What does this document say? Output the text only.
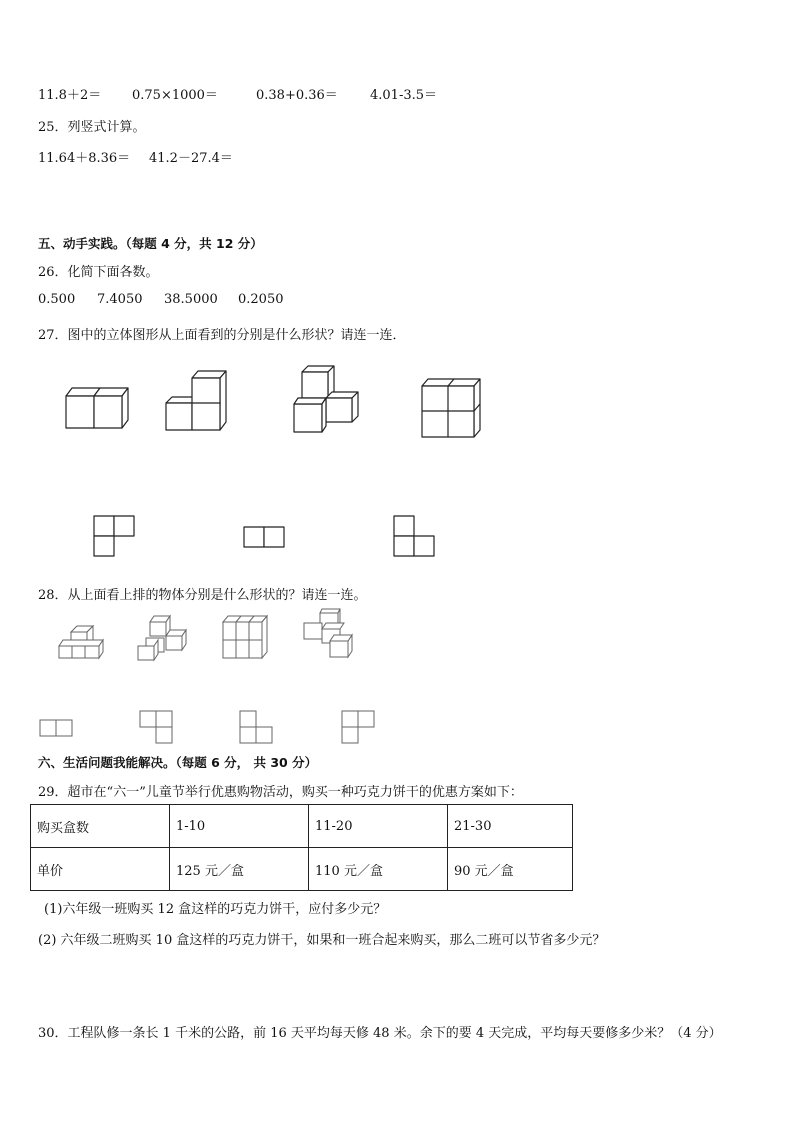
11.8＋2＝ 0.75×1000＝	0.38+0.36＝ 4.01-3.5＝
25．列竖式计算。
11.64＋8.36＝ 41.2－27.4＝
五、动手实践。（每题 4 分，共 12 分）
26．化简下面各数。
0.500 7.4050 38.5000 0.2050
27．图中的立体图形从上面看到的分别是什么形状？请连一连．
28．从上面看上排的物体分别是什么形状的？请连一连。
六、生活问题我能解决。（每题 6 分， 共 30 分）
29．超市在“六一”儿童节举行优惠购物活动，购买一种巧克力饼干的优惠方案如下：
购买盒数	1-10	11-20	21-30
单价	125 元／盒	110 元／盒	90 元／盒
(1)六年级一班购买 12 盒这样的巧克力饼干，应付多少元？
(2) 六年级二班购买 10 盒这样的巧克力饼干，如果和一班合起来购买，那么二班可以节省多少元？
30．工程队修一条长 1 千米的公路，前 16 天平均每天修 48 米。余下的要 4 天完成，平均每天要修多少米？（4 分）
